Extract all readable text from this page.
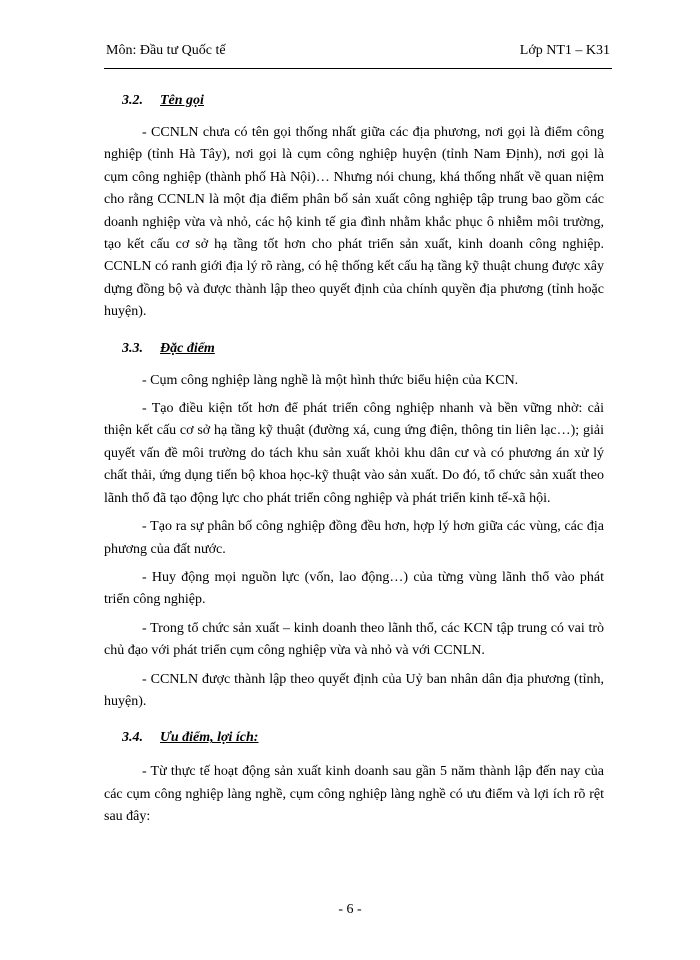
Môn: Đầu tư Quốc tế	Lớp NT1 – K31
3.2. Tên gọi

- CCNLN chưa có tên gọi thống nhất giữa các địa phương, nơi gọi là điểm công nghiệp (tỉnh Hà Tây), nơi gọi là cụm công nghiệp huyện (tỉnh Nam Định), nơi gọi là cụm công nghiệp (thành phố Hà Nội)… Nhưng nói chung, khá thống nhất về quan niệm cho rằng CCNLN là một địa điểm phân bố sản xuất công nghiệp tập trung bao gồm các doanh nghiệp vừa và nhỏ, các hộ kinh tế gia đình nhằm khắc phục ô nhiễm môi trường, tạo kết cấu cơ sở hạ tầng tốt hơn cho phát triển sản xuất, kinh doanh công nghiệp. CCNLN có ranh giới địa lý rõ ràng, có hệ thống kết cấu hạ tầng kỹ thuật chung được xây dựng đồng bộ và được thành lập theo quyết định của chính quyền địa phương (tỉnh hoặc huyện).

3.3. Đặc điểm

- Cụm công nghiệp làng nghề là một hình thức biểu hiện của KCN.

- Tạo điều kiện tốt hơn để phát triển công nghiệp nhanh và bền vững nhờ: cải thiện kết cấu cơ sở hạ tầng kỹ thuật (đường xá, cung ứng điện, thông tin liên lạc…); giải quyết vấn đề môi trường do tách khu sản xuất khỏi khu dân cư và có phương án xử lý chất thải, ứng dụng tiến bộ khoa học-kỹ thuật vào sản xuất. Do đó, tổ chức sản xuất theo lãnh thổ đã tạo động lực cho phát triển công nghiệp và phát triển kinh tế-xã hội.

- Tạo ra sự phân bố công nghiệp đồng đều hơn, hợp lý hơn giữa các vùng, các địa phương của đất nước.

- Huy động mọi nguồn lực (vốn, lao động…) của từng vùng lãnh thổ vào phát triển công nghiệp.

- Trong tổ chức sản xuất – kinh doanh theo lãnh thổ, các KCN tập trung có vai trò chủ đạo với phát triển cụm công nghiệp vừa và nhỏ và với CCNLN.

- CCNLN được thành lập theo quyết định của Uỷ ban nhân dân địa phương (tỉnh, huyện).

3.4. Ưu điểm, lợi ích:

- Từ thực tế hoạt động sản xuất kinh doanh sau gần 5 năm thành lập đến nay của các cụm công nghiệp làng nghề, cụm công nghiệp làng nghề có ưu điểm và lợi ích rõ rệt sau đây:

- 6 -
